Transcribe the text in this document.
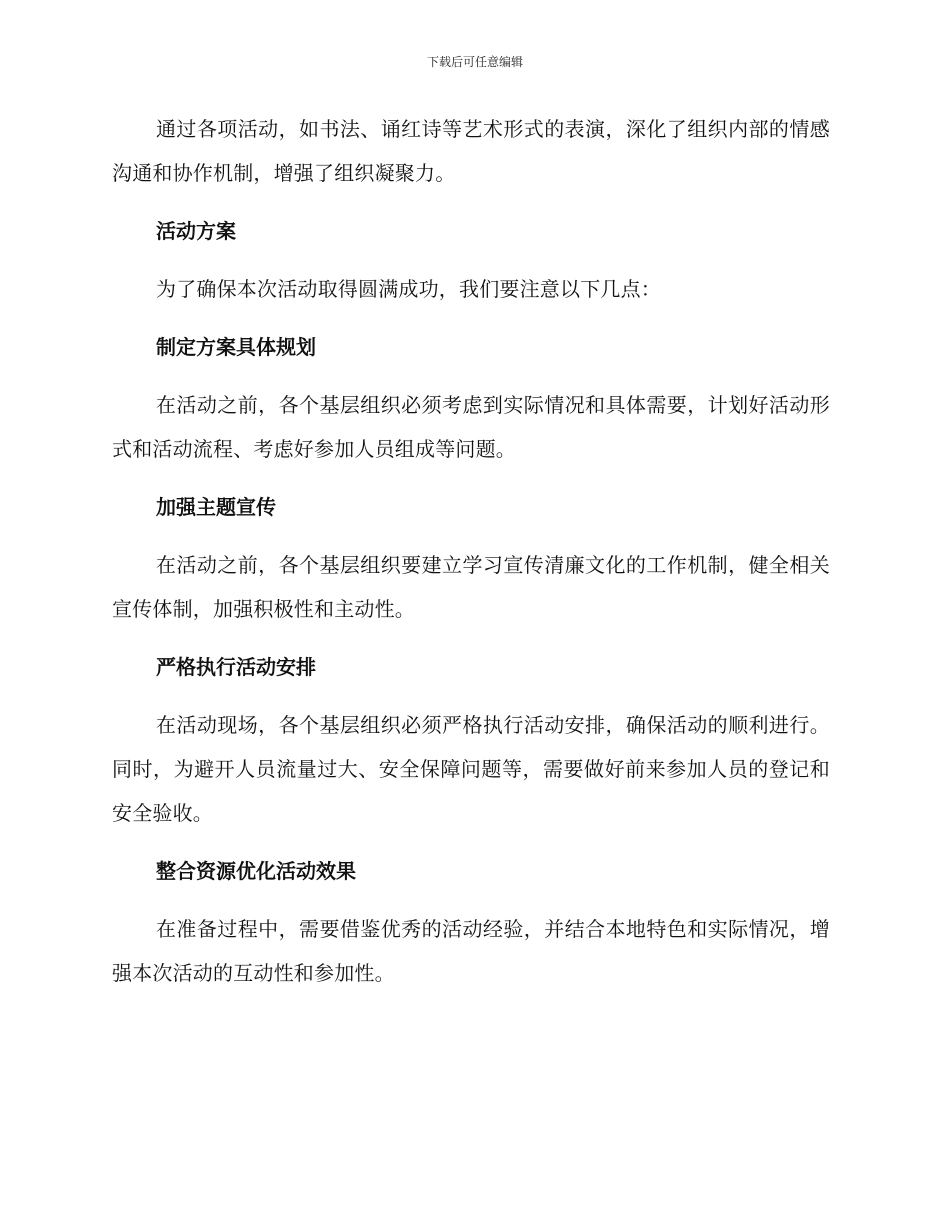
下载后可任意编辑

通过各项活动，如书法、诵红诗等艺术形式的表演，深化了组织内部的情感沟通和协作机制，增强了组织凝聚力。

活动方案

为了确保本次活动取得圆满成功，我们要注意以下几点：

制定方案具体规划

在活动之前，各个基层组织必须考虑到实际情况和具体需要，计划好活动形式和活动流程、考虑好参加人员组成等问题。

加强主题宣传

在活动之前，各个基层组织要建立学习宣传清廉文化的工作机制，健全相关宣传体制，加强积极性和主动性。

严格执行活动安排

在活动现场，各个基层组织必须严格执行活动安排，确保活动的顺利进行。同时，为避开人员流量过大、安全保障问题等，需要做好前来参加人员的登记和安全验收。

整合资源优化活动效果

在准备过程中，需要借鉴优秀的活动经验，并结合本地特色和实际情况，增强本次活动的互动性和参加性。
